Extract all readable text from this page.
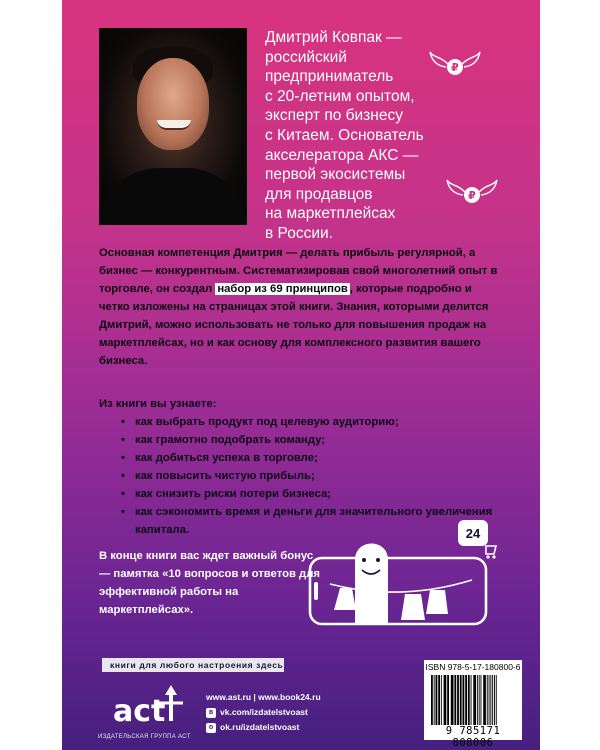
Дмитрий Ковпак —
российский
предприниматель
с 20-летним опытом,
эксперт по бизнесу
с Китаем. Основатель
акселератора АКС —
первой экосистемы
для продавцов
на маркетплейсах
в России.
₽
₽
Основная компетенция Дмитрия — делать прибыль регулярной, а бизнес — конкурентным. Систематизировав свой многолетний опыт в торговле, он создал набор из 69 принципов , которые подробно и четко изложены на страницах этой книги. Знания, которыми делится Дмитрий, можно использовать не только для повышения продаж на маркетплейсах, но и как основу для комплексного развития вашего бизнеса.
Из книги вы узнаете:
• как выбрать продукт под целевую аудиторию;
• как грамотно подобрать команду;
• как добиться успеха в торговле;
• как повысить чистую прибыль;
• как снизить риски потери бизнеса;
• как сэкономить время и деньги для значительного увеличения капитала.
В конце книги вас ждет важный бонус — памятка «10 вопросов и ответов для эффективной работы на маркетплейсах».
24
книги для любого настроения здесь
act
ИЗДАТЕЛЬСКАЯ ГРУППА АСТ
www.ast.ru | www.book24.ru
в vk.com/izdatelstvoast
о ok.ru/izdatelstvoast
ISBN 978-5-17-180800-6
9 785171 808006
